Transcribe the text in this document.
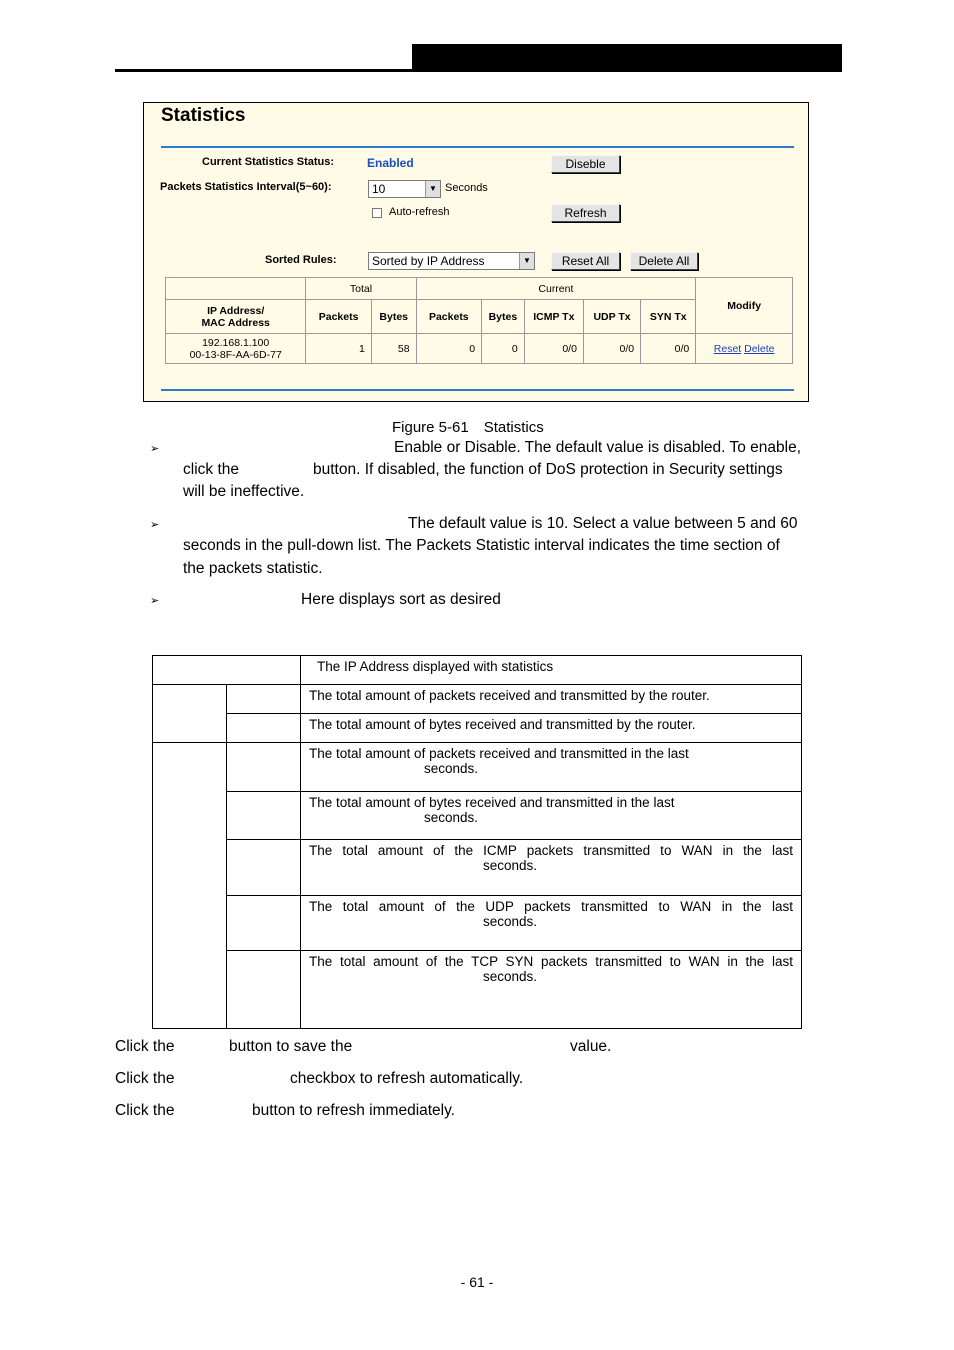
Statistics
Current Statistics Status:	Enabled	Diseble
Packets Statistics Interval(5~60):	10	▼ Seconds
Auto-refresh	Refresh
Sorted Rules:	Sorted by IP Address	▼	Reset All	Delete All
	Total		Current					Modify

IP Address/
MAC Address	Packets	Bytes	Packets	Bytes	ICMP Tx	UDP Tx	SYN Tx	

192.168.1.100
00-13-8F-AA-6D-77	1	58	0	0	0/0	0/0	0/0	Reset Delete
Figure 5-61　Statistics
➢	Enable or Disable. The default value is disabled. To enable,
click the	button. If disabled, the function of DoS protection in Security settings
will be ineffective.
➢	The default value is 10. Select a value between 5 and 60
seconds in the pull-down list. The Packets Statistic interval indicates the time section of
the packets statistic.
➢	Here displays sort as desired
		The IP Address displayed with statistics
		The total amount of packets received and transmitted by the router.
		The total amount of bytes received and transmitted by the router.

		The total amount of packets received and transmitted in the last
seconds.

		The total amount of bytes received and transmitted in the last
seconds.

		The total amount of the ICMP packets transmitted to WAN in the last
seconds.

		The total amount of the UDP packets transmitted to WAN in the last
seconds.

		The total amount of the TCP SYN packets transmitted to WAN in the last
seconds.
Click the	button to save the	value.
Click the	checkbox to refresh automatically.
Click the	button to refresh immediately.
- 61 -
